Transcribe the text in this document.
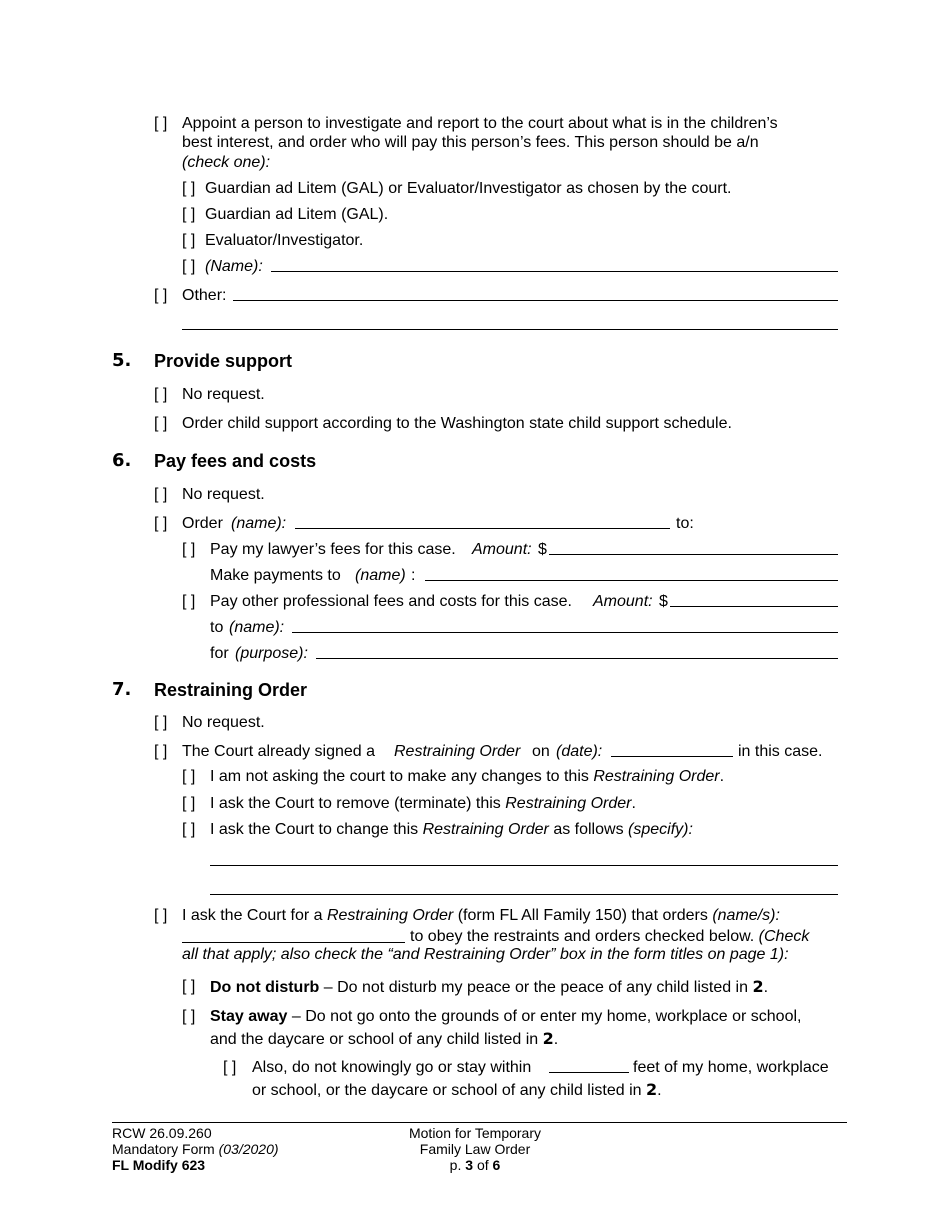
[ ] Appoint a person to investigate and report to the court about what is in the children’s
best interest, and order who will pay this person’s fees. This person should be a/n
(check one):
[ ] Guardian ad Litem (GAL) or Evaluator/Investigator as chosen by the court.
[ ] Guardian ad Litem (GAL).
[ ] Evaluator/Investigator.
[ ] (Name):
[ ] Other:
5. Provide support
[ ] No request.
[ ] Order child support according to the Washington state child support schedule.
6. Pay fees and costs
[ ] No request.
[ ] Order (name):	to:
[ ] Pay my lawyer’s fees for this case. Amount: $
Make payments to (name) :
[ ] Pay other professional fees and costs for this case. Amount: $
to (name):
for (purpose):
7. Restraining Order
[ ] No request.
[ ] The Court already signed a Restraining Order on (date):	in this case.
[ ] I am not asking the court to make any changes to this Restraining Order.
[ ] I ask the Court to remove (terminate) this Restraining Order.
[ ] I ask the Court to change this Restraining Order as follows (specify):
[ ] I ask the Court for a Restraining Order (form FL All Family 150) that orders (name/s):
to obey the restraints and orders checked below. (Check
all that apply; also check the “and Restraining Order” box in the form titles on page 1):
[ ] Do not disturb – Do not disturb my peace or the peace of any child listed in 2.
[ ] Stay away – Do not go onto the grounds of or enter my home, workplace or school,
and the daycare or school of any child listed in 2.
[ ] Also, do not knowingly go or stay within	feet of my home, workplace
or school, or the daycare or school of any child listed in 2.
RCW 26.09.260
Mandatory Form (03/2020)
FL Modify 623
Motion for Temporary
Family Law Order
p. 3 of 6
